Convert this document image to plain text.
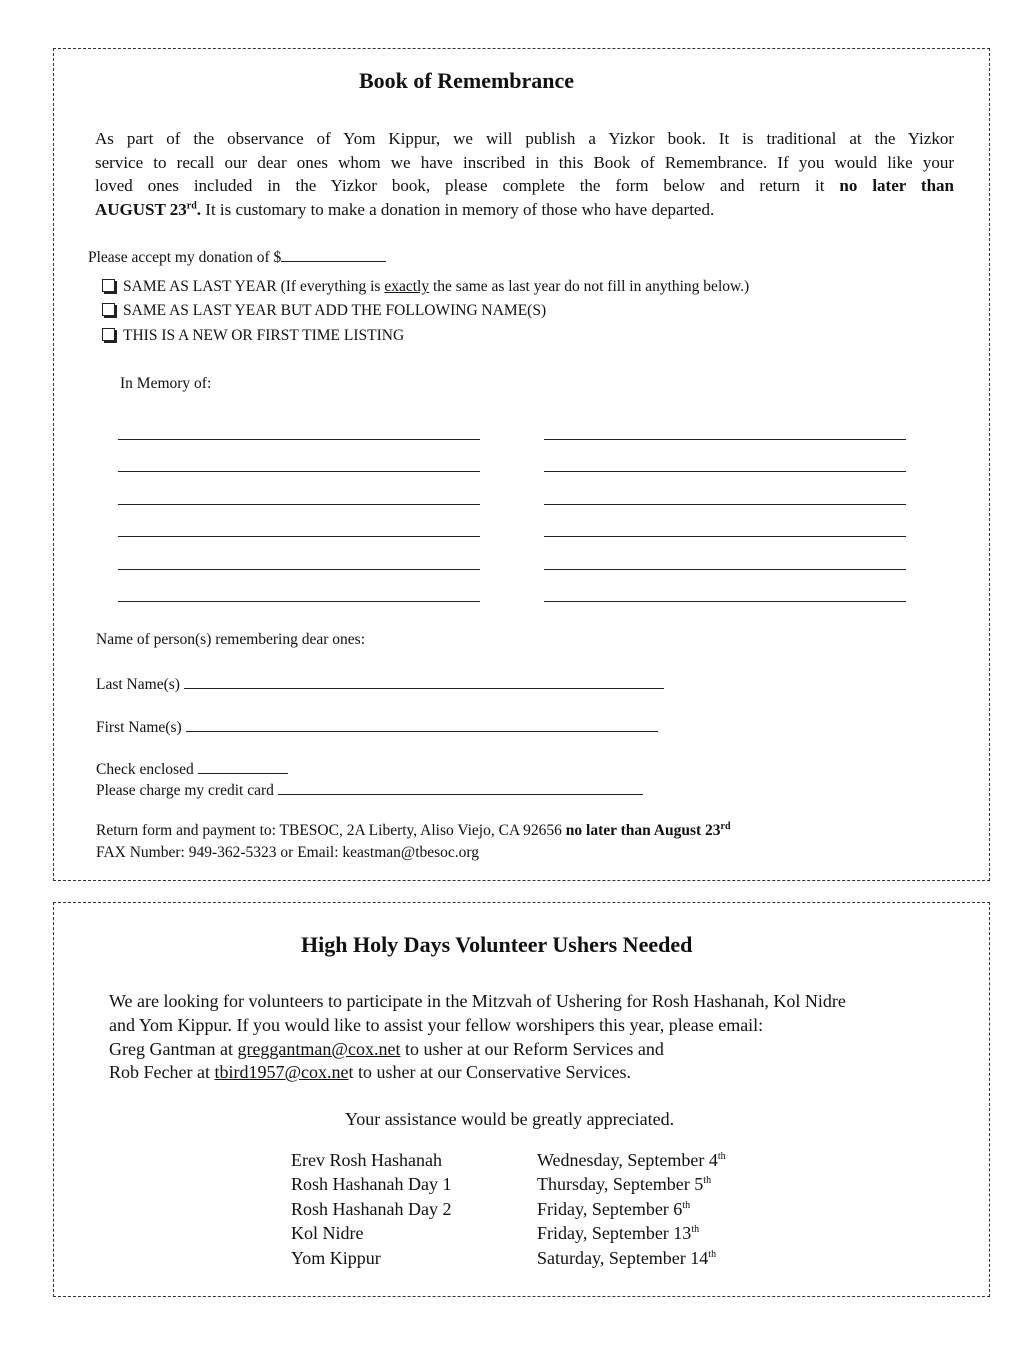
Book of Remembrance
As part of the observance of Yom Kippur, we will publish a Yizkor book. It is traditional at the Yizkor
service to recall our dear ones whom we have inscribed in this Book of Remembrance. If you would like your
loved ones included in the Yizkor book, please complete the form below and return it no later than
AUGUST 23rd. It is customary to make a donation in memory of those who have departed.
Please accept my donation of $
SAME AS LAST YEAR (If everything is exactly the same as last year do not fill in anything below.)
SAME AS LAST YEAR BUT ADD THE FOLLOWING NAME(S)
THIS IS A NEW OR FIRST TIME LISTING
In Memory of:
Name of person(s) remembering dear ones:
Last Name(s)
First Name(s)
Check enclosed
Please charge my credit card
Return form and payment to: TBESOC, 2A Liberty, Aliso Viejo, CA 92656 no later than August 23rd
FAX Number: 949-362-5323 or Email: keastman@tbesoc.org
High Holy Days Volunteer Ushers Needed
We are looking for volunteers to participate in the Mitzvah of Ushering for Rosh Hashanah, Kol Nidre
and Yom Kippur. If you would like to assist your fellow worshipers this year, please email:
Greg Gantman at greggantman@cox.net to usher at our Reform Services and
Rob Fecher at tbird1957@cox.net to usher at our Conservative Services.
Your assistance would be greatly appreciated.
Erev Rosh Hashanah	Wednesday, September 4th
Rosh Hashanah Day 1	Thursday, September 5th
Rosh Hashanah Day 2	Friday, September 6th
Kol Nidre	Friday, September 13th
Yom Kippur	Saturday, September 14th
